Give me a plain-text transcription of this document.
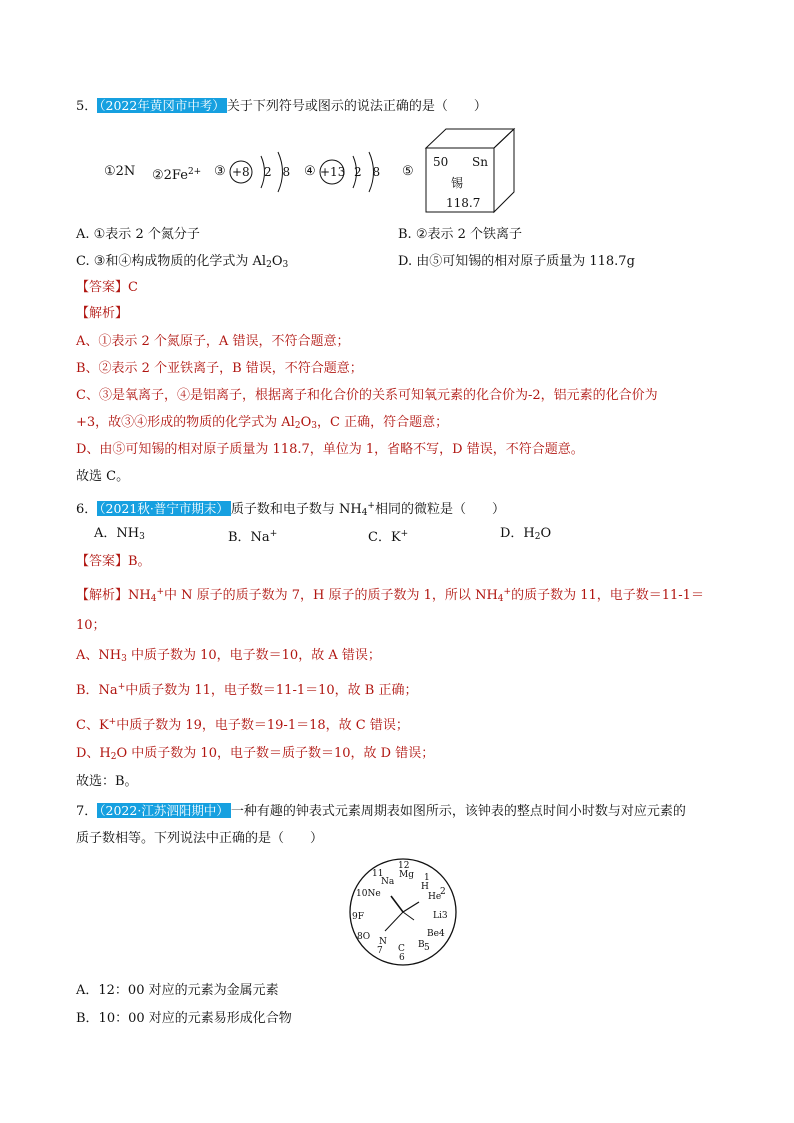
5． （2022年黄冈市中考） 关于下列符号或图示的说法正确的是（　　）
①2N $②2Fe^{2+}$ ③ +8 2 8 ④ +13 2 8 ⑤
50 Sn
锡
118.7
A. ①表示 2 个氮分子	B. ②表示 2 个铁离子
C. ③和④构成物质的化学式为 $Al_2O_3$	D. 由⑤可知锡的相对原子质量为 118.7g
【答案】C
【解析】
A、①表示 2 个氮原子，A 错误，不符合题意；
B、②表示 2 个亚铁离子，B 错误，不符合题意；
C、③是氧离子，④是铝离子，根据离子和化合价的关系可知氧元素的化合价为-2，铝元素的化合价为
+3，故③④形成的物质的化学式为 $Al_2O_3$，C 正确，符合题意；
D、由⑤可知锡的相对原子质量为 118.7，单位为 1，省略不写，D 错误，不符合题意。
故选 C。
6． （2021秋·普宁市期末） 质子数和电子数与 $NH_4^+$相同的微粒是（　　）
A．$NH_3$	B．Na+	C．K+	D．$H_2O$
【答案】B。
【解析】$NH_4^+$中 N 原子的质子数为 7，H 原子的质子数为 1，所以 $NH_4^+$的质子数为 11，电子数＝11-1＝
10；
A、$NH_3$ 中质子数为 10，电子数＝10，故 A 错误；
B．Na+中质子数为 11，电子数＝11-1＝10，故 B 正确；
C、K+中质子数为 19，电子数＝19-1＝18，故 C 错误；
D、$H_2O$ 中质子数为 10，电子数＝质子数＝10，故 D 错误；
故选：B。
7． （2022·江苏泗阳期中） 一种有趣的钟表式元素周期表如图所示，该钟表的整点时间小时数与对应元素的
质子数相等。下列说法中正确的是（　　）
12
Mg
11
Na	1
H 2
He
10Ne
Li3
9F
Be4
8O
5
B
7
N
6
C
A．12：00 对应的元素为金属元素
B．10：00 对应的元素易形成化合物
